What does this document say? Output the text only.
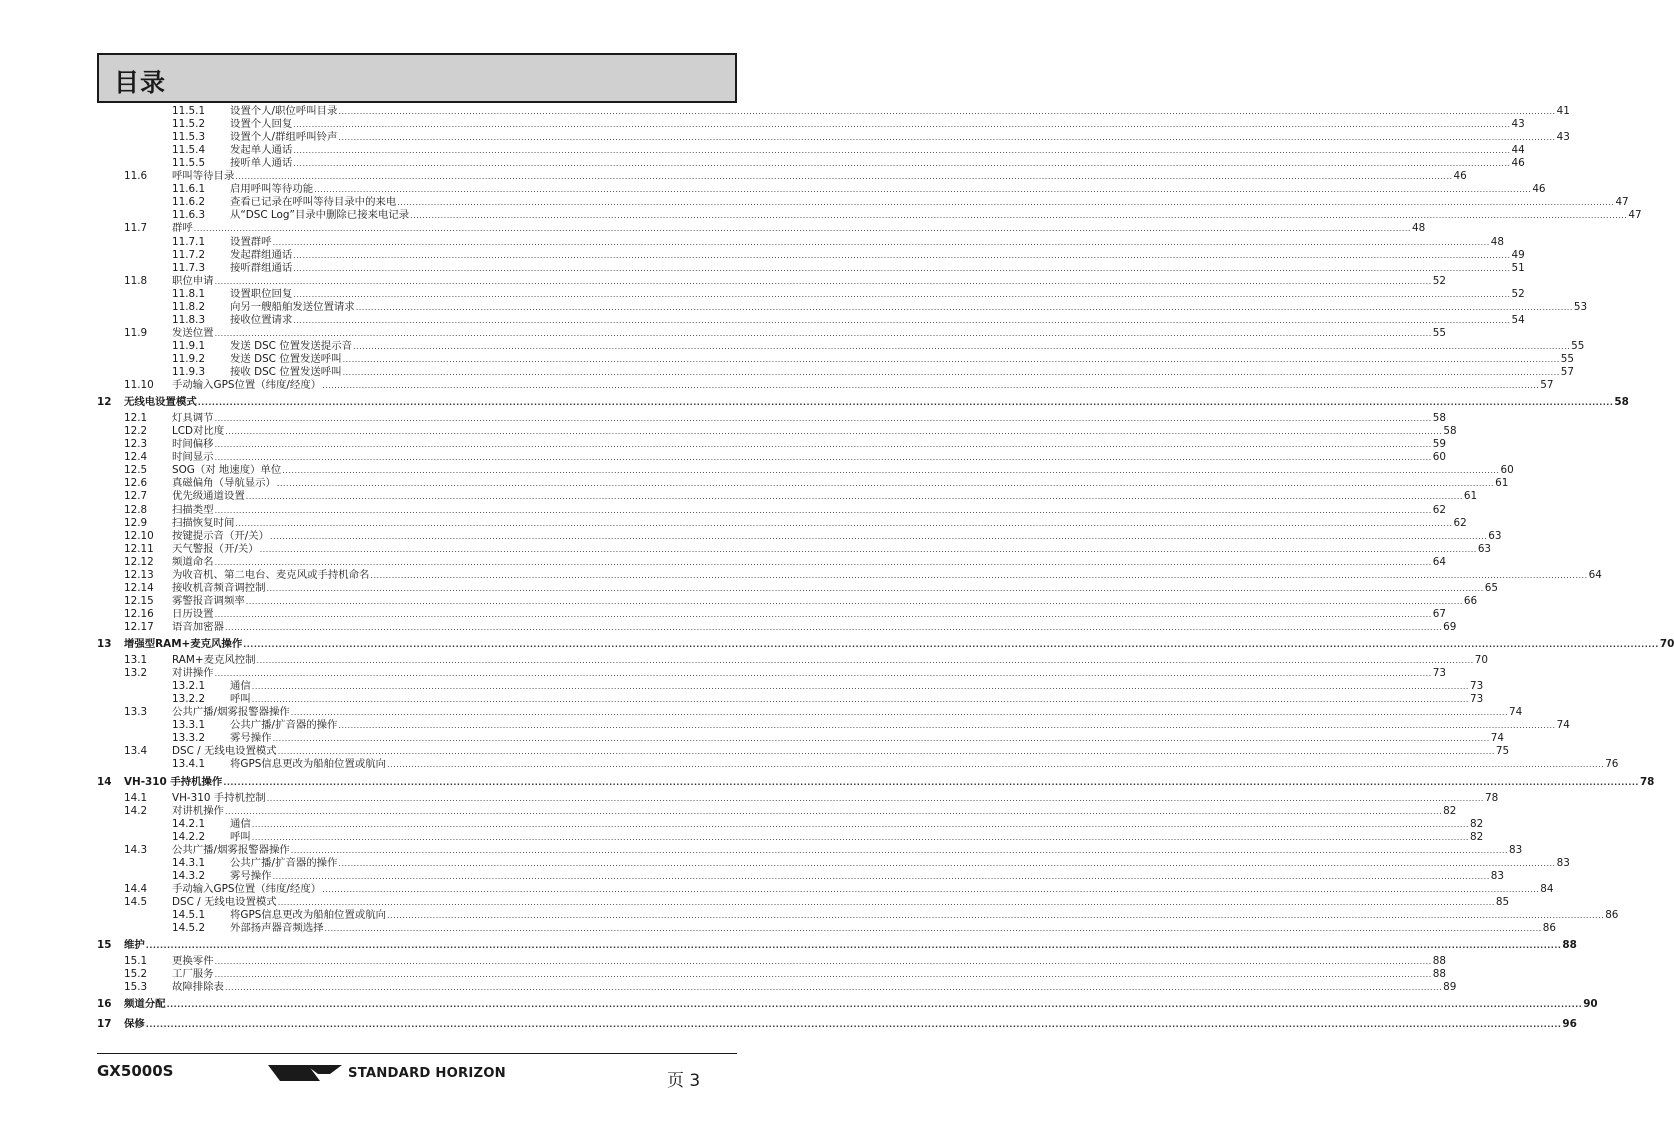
目录
11.5.1 设置个人/职位呼叫目录 ................................................................................................................................................................................................................................................................................................................................................................................................................ 41
11.5.2 设置个人回复 ................................................................................................................................................................................................................................................................................................................................................................................................................ 43
11.5.3 设置个人/群组呼叫铃声 ................................................................................................................................................................................................................................................................................................................................................................................................................ 43
11.5.4 发起单人通话 ................................................................................................................................................................................................................................................................................................................................................................................................................ 44
11.5.5 接听单人通话 ................................................................................................................................................................................................................................................................................................................................................................................................................ 46
11.6 呼叫等待目录 ................................................................................................................................................................................................................................................................................................................................................................................................................ 46
11.6.1 启用呼叫等待功能 ................................................................................................................................................................................................................................................................................................................................................................................................................ 46
11.6.2 查看已记录在呼叫等待目录中的来电 ................................................................................................................................................................................................................................................................................................................................................................................................................ 47
11.6.3 从“DSC Log”目录中删除已接来电记录 ................................................................................................................................................................................................................................................................................................................................................................................................................ 47
11.7 群呼 ................................................................................................................................................................................................................................................................................................................................................................................................................ 48
11.7.1 设置群呼 ................................................................................................................................................................................................................................................................................................................................................................................................................ 48
11.7.2 发起群组通话 ................................................................................................................................................................................................................................................................................................................................................................................................................ 49
11.7.3 接听群组通话 ................................................................................................................................................................................................................................................................................................................................................................................................................ 51
11.8 职位申请 ................................................................................................................................................................................................................................................................................................................................................................................................................ 52
11.8.1 设置职位回复 ................................................................................................................................................................................................................................................................................................................................................................................................................ 52
11.8.2 向另一艘船舶发送位置请求 ................................................................................................................................................................................................................................................................................................................................................................................................................ 53
11.8.3 接收位置请求 ................................................................................................................................................................................................................................................................................................................................................................................................................ 54
11.9 发送位置 ................................................................................................................................................................................................................................................................................................................................................................................................................ 55
11.9.1 发送 DSC 位置发送提示音 ................................................................................................................................................................................................................................................................................................................................................................................................................ 55
11.9.2 发送 DSC 位置发送呼叫 ................................................................................................................................................................................................................................................................................................................................................................................................................ 55
11.9.3 接收 DSC 位置发送呼叫 ................................................................................................................................................................................................................................................................................................................................................................................................................ 57
11.10 手动输入GPS位置（纬度/经度） ................................................................................................................................................................................................................................................................................................................................................................................................................ 57
12 无线电设置模式 ................................................................................................................................................................................................................................................................................................................................................................................................................ 58
12.1 灯具调节 ................................................................................................................................................................................................................................................................................................................................................................................................................ 58
12.2 LCD对比度 ................................................................................................................................................................................................................................................................................................................................................................................................................ 58
12.3 时间偏移 ................................................................................................................................................................................................................................................................................................................................................................................................................ 59
12.4 时间显示 ................................................................................................................................................................................................................................................................................................................................................................................................................ 60
12.5 SOG（对 地速度）单位 ................................................................................................................................................................................................................................................................................................................................................................................................................ 60
12.6 真磁偏角（导航显示） ................................................................................................................................................................................................................................................................................................................................................................................................................ 61
12.7 优先级通道设置 ................................................................................................................................................................................................................................................................................................................................................................................................................ 61
12.8 扫描类型 ................................................................................................................................................................................................................................................................................................................................................................................................................ 62
12.9 扫描恢复时间 ................................................................................................................................................................................................................................................................................................................................................................................................................ 62
12.10 按键提示音（开/关） ................................................................................................................................................................................................................................................................................................................................................................................................................ 63
12.11 天气警报（开/关） ................................................................................................................................................................................................................................................................................................................................................................................................................ 63
12.12 频道命名 ................................................................................................................................................................................................................................................................................................................................................................................................................ 64
12.13 为收音机、第二电台、麦克风或手持机命名 ................................................................................................................................................................................................................................................................................................................................................................................................................ 64
12.14 接收机音频音调控制 ................................................................................................................................................................................................................................................................................................................................................................................................................ 65
12.15 雾警报音调频率 ................................................................................................................................................................................................................................................................................................................................................................................................................ 66
12.16 日历设置 ................................................................................................................................................................................................................................................................................................................................................................................................................ 67
12.17 语音加密器 ................................................................................................................................................................................................................................................................................................................................................................................................................ 69
13 增强型RAM+麦克风操作 ................................................................................................................................................................................................................................................................................................................................................................................................................ 70
13.1 RAM+麦克风控制 ................................................................................................................................................................................................................................................................................................................................................................................................................ 70
13.2 对讲操作 ................................................................................................................................................................................................................................................................................................................................................................................................................ 73
13.2.1 通信 ................................................................................................................................................................................................................................................................................................................................................................................................................ 73
13.2.2 呼叫 ................................................................................................................................................................................................................................................................................................................................................................................................................ 73
13.3 公共广播/烟雾报警器操作 ................................................................................................................................................................................................................................................................................................................................................................................................................ 74
13.3.1 公共广播/扩音器的操作 ................................................................................................................................................................................................................................................................................................................................................................................................................ 74
13.3.2 雾号操作 ................................................................................................................................................................................................................................................................................................................................................................................................................ 74
13.4 DSC / 无线电设置模式 ................................................................................................................................................................................................................................................................................................................................................................................................................ 75
13.4.1 将GPS信息更改为船舶位置或航向 ................................................................................................................................................................................................................................................................................................................................................................................................................ 76
14 VH-310 手持机操作 ................................................................................................................................................................................................................................................................................................................................................................................................................ 78
14.1 VH-310 手持机控制 ................................................................................................................................................................................................................................................................................................................................................................................................................ 78
14.2 对讲机操作 ................................................................................................................................................................................................................................................................................................................................................................................................................ 82
14.2.1 通信 ................................................................................................................................................................................................................................................................................................................................................................................................................ 82
14.2.2 呼叫 ................................................................................................................................................................................................................................................................................................................................................................................................................ 82
14.3 公共广播/烟雾报警器操作 ................................................................................................................................................................................................................................................................................................................................................................................................................ 83
14.3.1 公共广播/扩音器的操作 ................................................................................................................................................................................................................................................................................................................................................................................................................ 83
14.3.2 雾号操作 ................................................................................................................................................................................................................................................................................................................................................................................................................ 83
14.4 手动输入GPS位置（纬度/经度） ................................................................................................................................................................................................................................................................................................................................................................................................................ 84
14.5 DSC / 无线电设置模式 ................................................................................................................................................................................................................................................................................................................................................................................................................ 85
14.5.1 将GPS信息更改为船舶位置或航向 ................................................................................................................................................................................................................................................................................................................................................................................................................ 86
14.5.2 外部扬声器音频选择 ................................................................................................................................................................................................................................................................................................................................................................................................................ 86
15 维护 ................................................................................................................................................................................................................................................................................................................................................................................................................ 88
15.1 更换零件 ................................................................................................................................................................................................................................................................................................................................................................................................................ 88
15.2 工厂服务 ................................................................................................................................................................................................................................................................................................................................................................................................................ 88
15.3 故障排除表 ................................................................................................................................................................................................................................................................................................................................................................................................................ 89
16 频道分配 ................................................................................................................................................................................................................................................................................................................................................................................................................ 90
17 保修 ................................................................................................................................................................................................................................................................................................................................................................................................................ 96
GX5000S	STANDARD HORIZON	页 3
